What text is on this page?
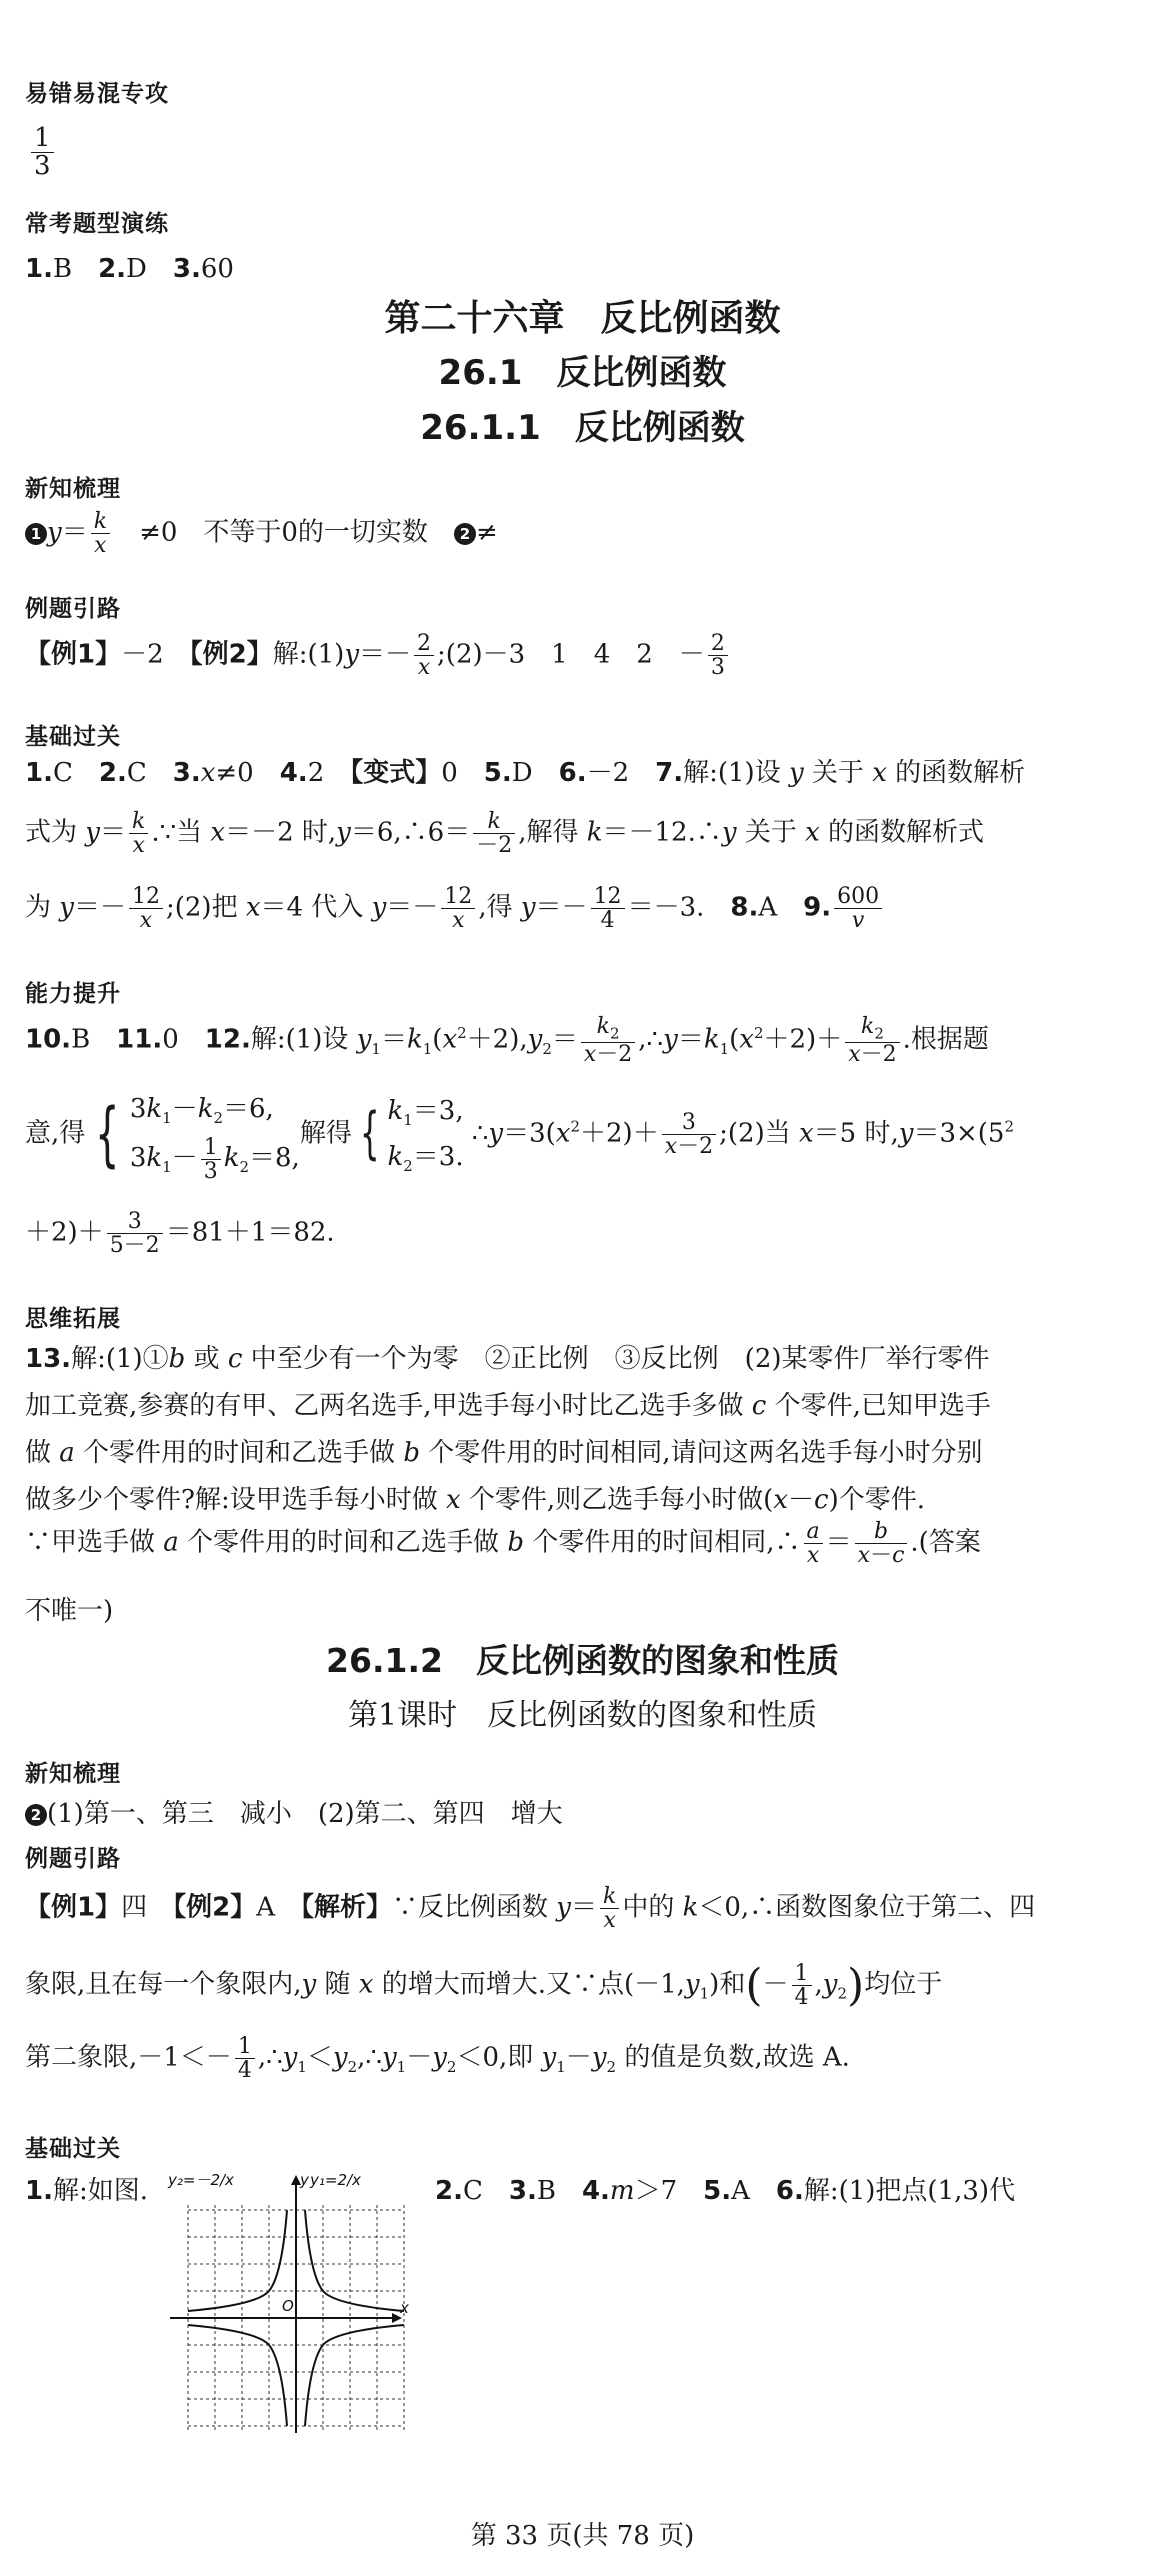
易错易混专攻
$\frac{1}{3}$
常考题型演练
1.B　2.D　3.60
第二十六章　反比例函数
26.1　反比例函数
26.1.1　反比例函数
新知梳理
1 $y= \frac{k}{x}$ 　≠0　不等于0的一切实数　2 ≠
例题引路
【例1】－2　【例2】解:(1)y＝－ $\frac{2}{x}$ ;(2)－3　1　4　2　－ $\frac{2}{3}$
基础过关
1.C　2.C　3.x≠0　4.2　【变式】0　5.D　6.－2　7.解:(1)设 y 关于 x 的函数解析
式为 $y= \frac{k}{x}$ .∵当 x＝－2 时,y＝6,∴6＝ $\frac{k}{-2}$ ,解得 k＝－12.∴y 关于 x 的函数解析式
为 $y=- \frac{12}{x}$ ;(2)把 x＝4 代入 $y=- \frac{12}{x}$ ,得 $y=- \frac{12}{4} =-3$.　8.A　9. $\frac{600}{v}$
能力提升
10.B　11.0　12.解:(1)设 $y_1=k_1(x^2+2),y_2= \frac{k_2}{x-2}$ $,\therefore y=k_1(x^2+2)+ \frac{k_2}{x-2}$ .根据题
意,得 { $3k_1-k_2=6$,
$3k_1- \frac{1}{3} k_2=8$,解得 { $k_1=3$,
$k_2=3$. $\therefore y=3(x^2+2)+ \frac{3}{x-2}$ ;(2)当 x＝5 时$,y=3\times(5^2$
$+2)+ \frac{3}{5-2} =81+1=82$.
思维拓展
13.解:(1)①b 或 c 中至少有一个为零　②正比例　③反比例　(2)某零件厂举行零件
加工竞赛,参赛的有甲、乙两名选手,甲选手每小时比乙选手多做 c 个零件,已知甲选手
做 a 个零件用的时间和乙选手做 b 个零件用的时间相同,请问这两名选手每小时分别
做多少个零件?解:设甲选手每小时做 x 个零件,则乙选手每小时做(x－c)个零件.
∵甲选手做 a 个零件用的时间和乙选手做 b 个零件用的时间相同,∴ $\frac{a}{x} = \frac{b}{x-c}$ .(答案
不唯一)
26.1.2　反比例函数的图象和性质
第1课时　反比例函数的图象和性质
新知梳理
2 (1)第一、第三　减小　(2)第二、第四　增大
例题引路
【例1】四　【例2】A　【解析】∵反比例函数 $y= \frac{k}{x}$ 中的 k＜0,∴函数图象位于第二、四
象限,且在每一个象限内,y 随 x 的增大而增大.又∵点$(-1,y_1)$和(－ $\frac{1}{4} ,y_2$)均位于
第二象限$,-1<- \frac{1}{4}$ $,\therefore y_1<y_2,\therefore y_1-y_2<0$,即 $y_1-y_2$ 的值是负数,故选 A.
基础过关
1.解:如图.	2.C　3.B　4.m＞7　5.A　6.解:(1)把点(1,3)代
y₂=－2/x	y₁=2/x
y
x
O
第 33 页(共 78 页)
